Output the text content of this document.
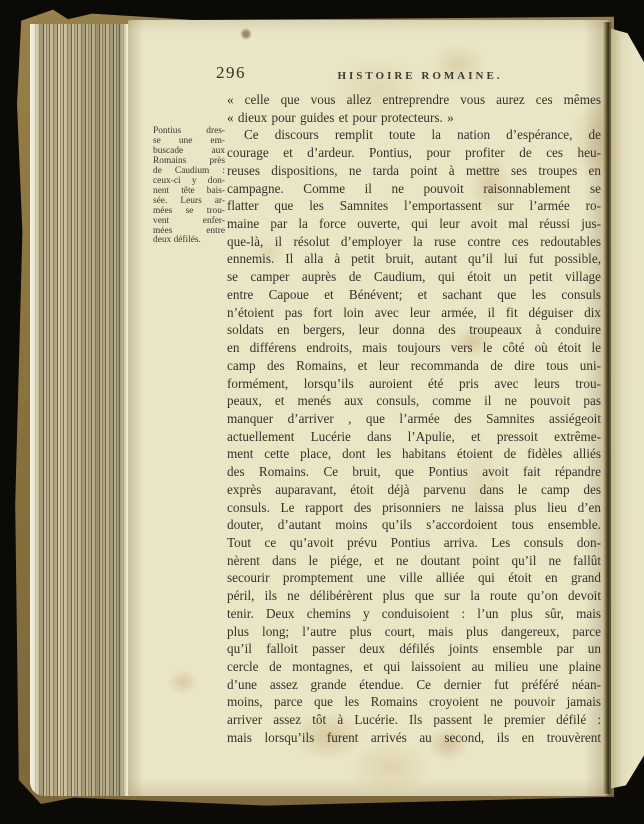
296	HISTOIRE ROMAINE.
Pontius dres-
se une em-
buscade aux
Romains près
de Caudium :
ceux-ci y don-
nent tête bais-
sée. Leurs ar-
mées se trou-
vent enfer-
mées entre
deux défilés.
« celle que vous allez entreprendre vous aurez ces mêmes
« dieux pour guides et pour protecteurs. »
Ce discours remplit toute la nation d’espérance, de
courage et d’ardeur. Pontius, pour profiter de ces heu-
reuses dispositions, ne tarda point à mettre ses troupes en
campagne. Comme il ne pouvoit raisonnablement se
flatter que les Samnites l’emportassent sur l’armée ro-
maine par la force ouverte, qui leur avoit mal réussi jus-
que-là, il résolut d’employer la ruse contre ces redoutables
ennemis. Il alla à petit bruit, autant qu’il lui fut possible,
se camper auprès de Caudium, qui étoit un petit village
entre Capoue et Bénévent; et sachant que les consuls
n’étoient pas fort loin avec leur armée, il fit déguiser dix
soldats en bergers, leur donna des troupeaux à conduire
en différens endroits, mais toujours vers le côté où étoit le
camp des Romains, et leur recommanda de dire tous uni-
formément, lorsqu’ils auroient été pris avec leurs trou-
peaux, et menés aux consuls, comme il ne pouvoit pas
manquer d’arriver , que l’armée des Samnites assiégeoit
actuellement Lucérie dans l’Apulie, et pressoit extrême-
ment cette place, dont les habitans étoient de fidèles alliés
des Romains. Ce bruit, que Pontius avoit fait répandre
exprès auparavant, étoit déjà parvenu dans le camp des
consuls. Le rapport des prisonniers ne laissa plus lieu d’en
douter, d’autant moins qu’ils s’accordoient tous ensemble.
Tout ce qu’avoit prévu Pontius arriva. Les consuls don-
nèrent dans le piége, et ne doutant point qu’il ne fallût
secourir promptement une ville alliée qui étoit en grand
péril, ils ne délibérèrent plus que sur la route qu’on devoit
tenir. Deux chemins y conduisoient : l’un plus sûr, mais
plus long; l’autre plus court, mais plus dangereux, parce
qu’il falloit passer deux défilés joints ensemble par un
cercle de montagnes, et qui laissoient au milieu une plaine
d’une assez grande étendue. Ce dernier fut préféré néan-
moins, parce que les Romains croyoient ne pouvoir jamais
arriver assez tôt à Lucérie. Ils passent le premier défilé :
mais lorsqu’ils furent arrivés au second, ils en trouvèrent
